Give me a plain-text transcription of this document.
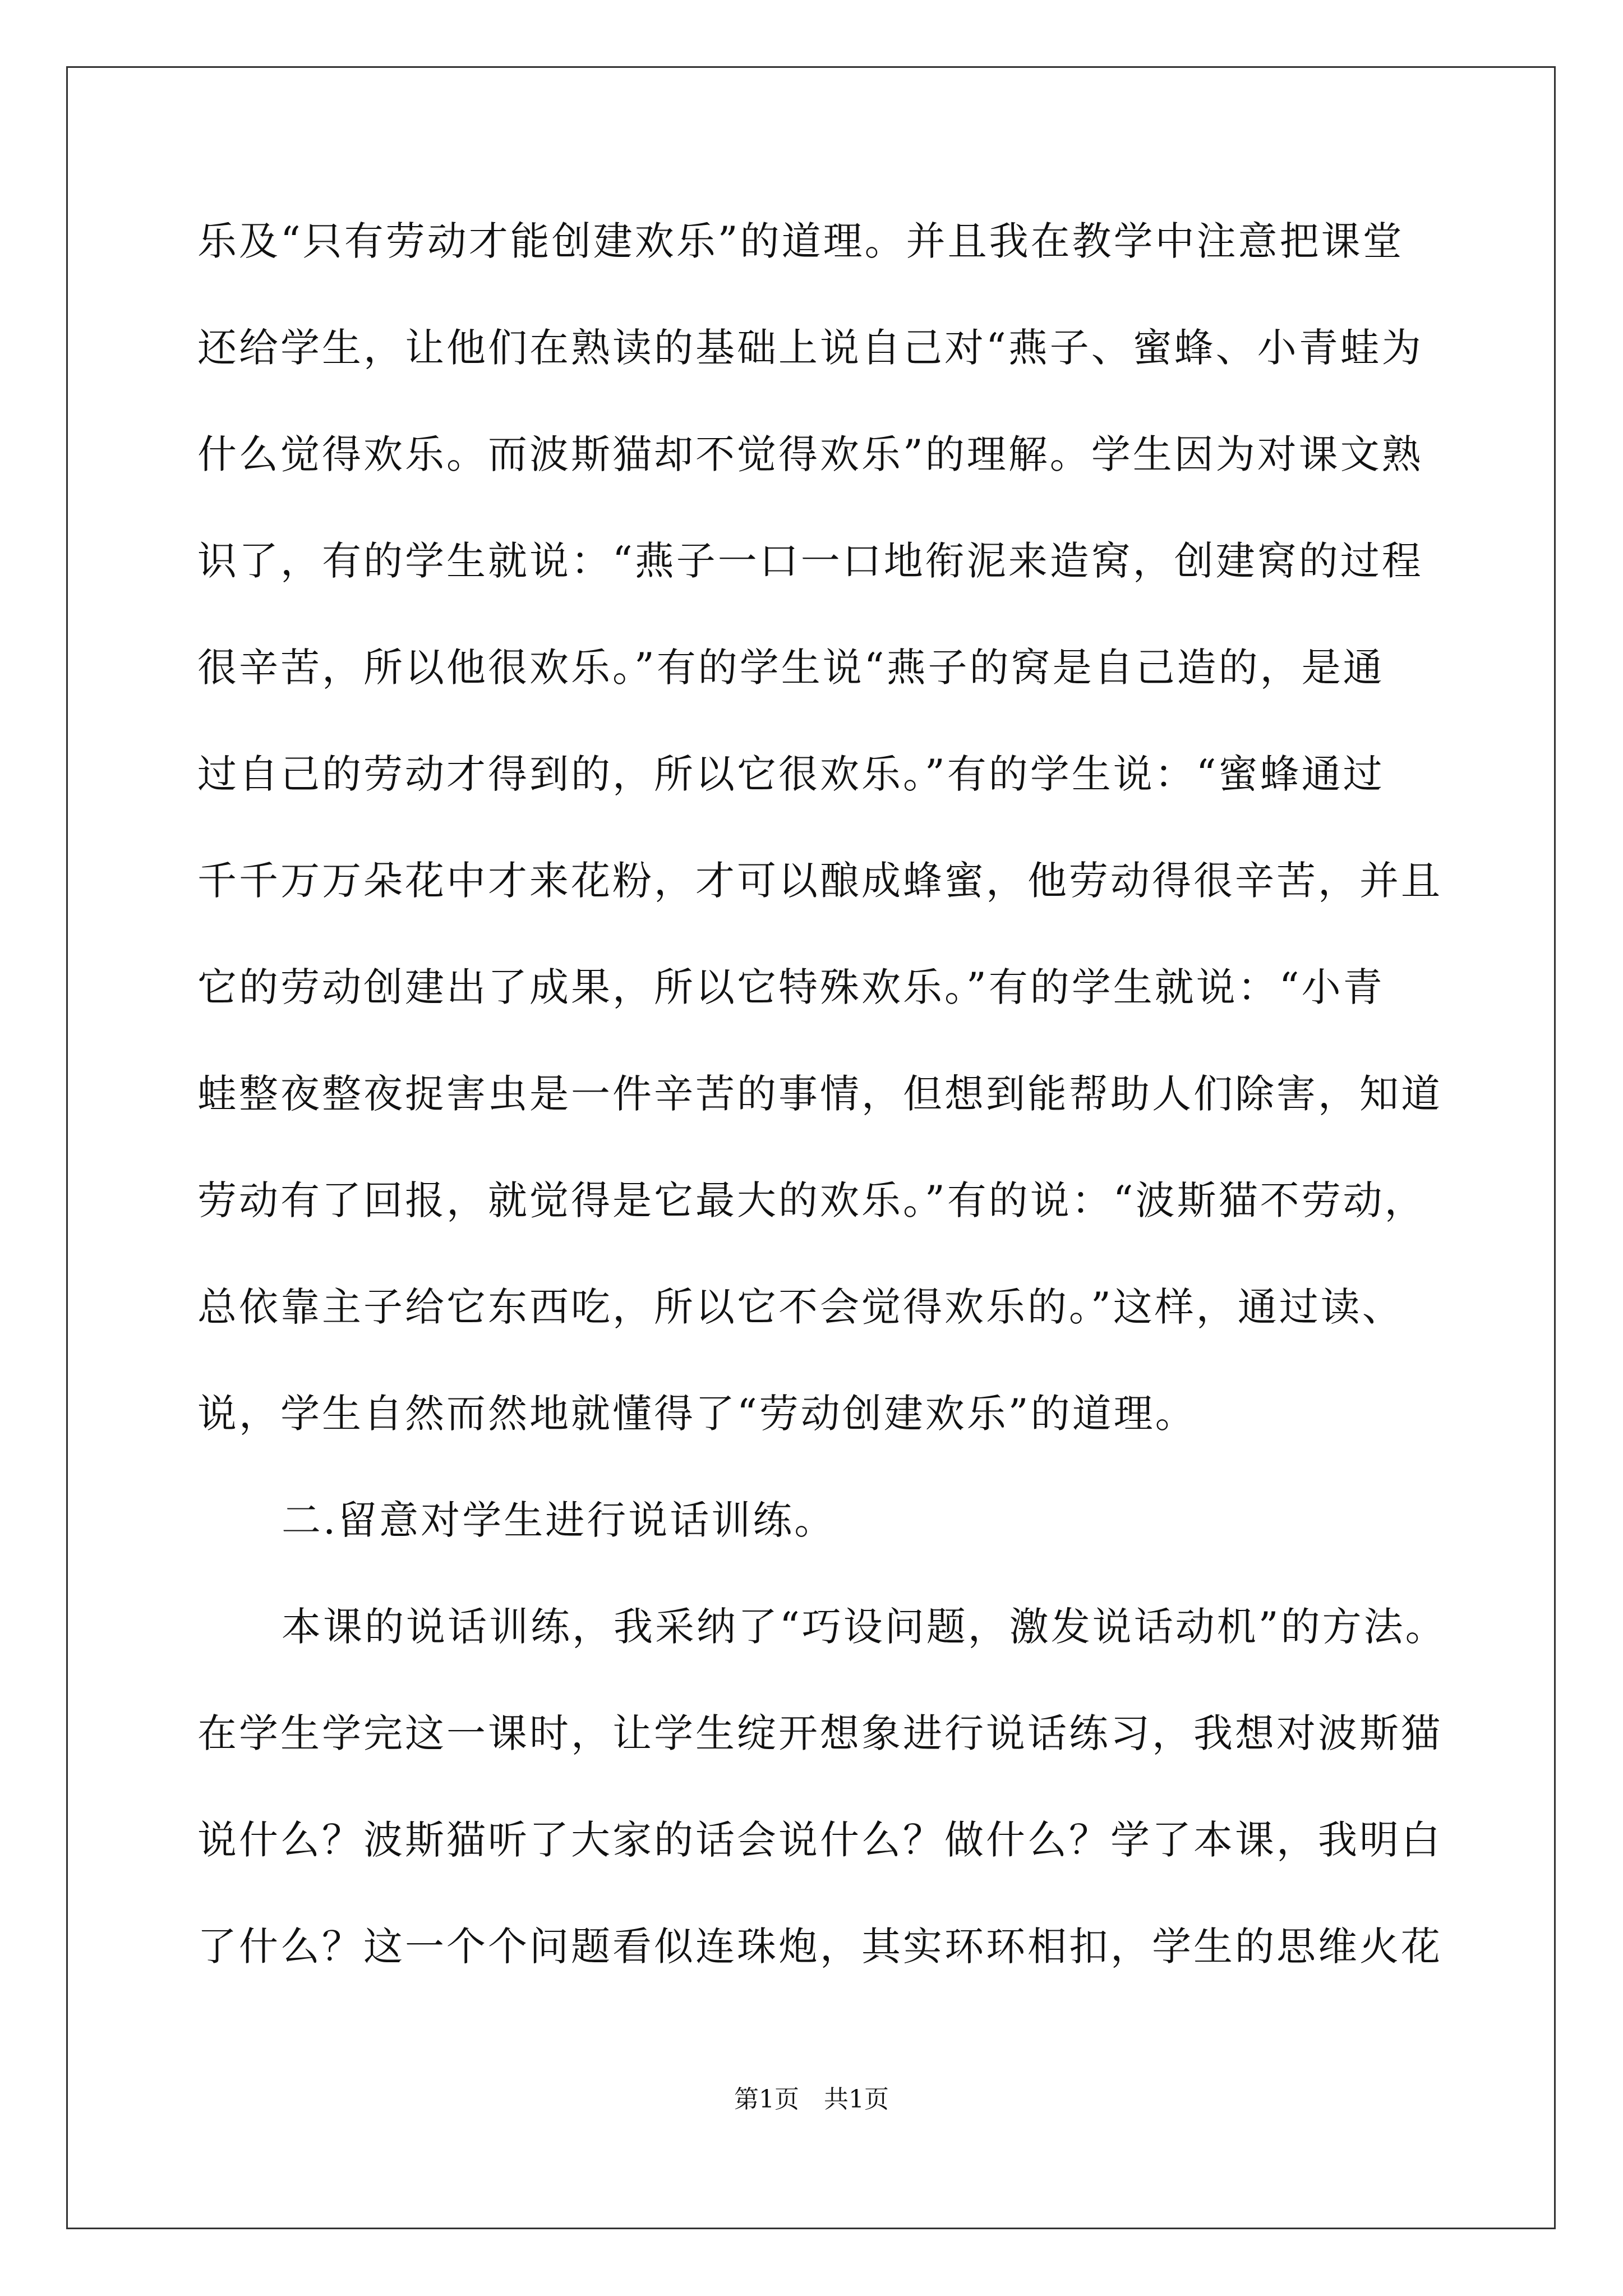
乐及“只有劳动才能创建欢乐”的道理。并且我在教学中注意把课堂
还给学生，让他们在熟读的基础上说自己对“燕子、蜜蜂、小青蛙为
什么觉得欢乐。而波斯猫却不觉得欢乐”的理解。学生因为对课文熟
识了，有的学生就说：“燕子一口一口地衔泥来造窝，创建窝的过程
很辛苦，所以他很欢乐。”有的学生说“燕子的窝是自己造的，是通
过自己的劳动才得到的，所以它很欢乐。”有的学生说：“蜜蜂通过
千千万万朵花中才来花粉，才可以酿成蜂蜜，他劳动得很辛苦，并且
它的劳动创建出了成果，所以它特殊欢乐。”有的学生就说：“小青
蛙整夜整夜捉害虫是一件辛苦的事情，但想到能帮助人们除害，知道
劳动有了回报，就觉得是它最大的欢乐。”有的说：“波斯猫不劳动，
总依靠主子给它东西吃，所以它不会觉得欢乐的。”这样，通过读、
说，学生自然而然地就懂得了“劳动创建欢乐”的道理。
二.留意对学生进行说话训练。
本课的说话训练，我采纳了“巧设问题，激发说话动机”的方法。
在学生学完这一课时，让学生绽开想象进行说话练习，我想对波斯猫
说什么？波斯猫听了大家的话会说什么？做什么？学了本课，我明白
了什么？这一个个问题看似连珠炮，其实环环相扣，学生的思维火花
第1页　共1页
